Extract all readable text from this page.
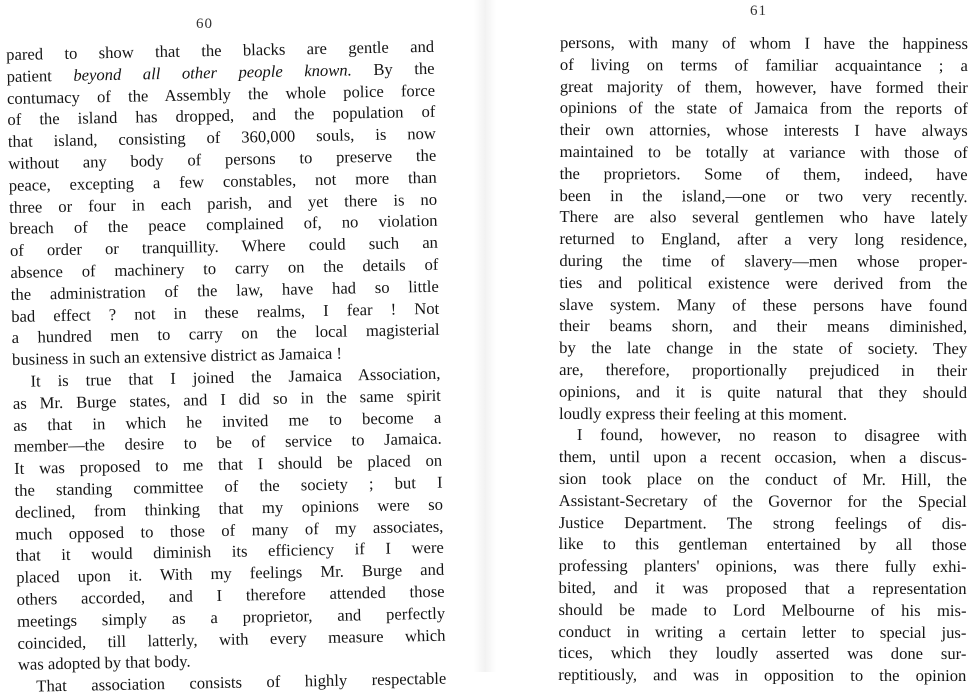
60
pared to show that the blacks are gentle and
patient beyond all other people known. By the
contumacy of the Assembly the whole police force
of the island has dropped, and the population of
that island, consisting of 360,000 souls, is now
without any body of persons to preserve the
peace, excepting a few constables, not more than
three or four in each parish, and yet there is no
breach of the peace complained of, no violation
of order or tranquillity. Where could such an
absence of machinery to carry on the details of
the administration of the law, have had so little
bad effect ? not in these realms, I fear ! Not
a hundred men to carry on the local magisterial
business in such an extensive district as Jamaica !
It is true that I joined the Jamaica Association,
as Mr. Burge states, and I did so in the same spirit
as that in which he invited me to become a
member—the desire to be of service to Jamaica.
It was proposed to me that I should be placed on
the standing committee of the society ; but I
declined, from thinking that my opinions were so
much opposed to those of many of my associates,
that it would diminish its efficiency if I were
placed upon it. With my feelings Mr. Burge and
others accorded, and I therefore attended those
meetings simply as a proprietor, and perfectly
coincided, till latterly, with every measure which
was adopted by that body.
That association consists of highly respectable
61
persons, with many of whom I have the happiness
of living on terms of familiar acquaintance ; a
great majority of them, however, have formed their
opinions of the state of Jamaica from the reports of
their own attornies, whose interests I have always
maintained to be totally at variance with those of
the proprietors. Some of them, indeed, have
been in the island,—one or two very recently.
There are also several gentlemen who have lately
returned to England, after a very long residence,
during the time of slavery—men whose proper-
ties and political existence were derived from the
slave system. Many of these persons have found
their beams shorn, and their means diminished,
by the late change in the state of society. They
are, therefore, proportionally prejudiced in their
opinions, and it is quite natural that they should
loudly express their feeling at this moment.
I found, however, no reason to disagree with
them, until upon a recent occasion, when a discus-
sion took place on the conduct of Mr. Hill, the
Assistant-Secretary of the Governor for the Special
Justice Department. The strong feelings of dis-
like to this gentleman entertained by all those
professing planters' opinions, was there fully exhi-
bited, and it was proposed that a representation
should be made to Lord Melbourne of his mis-
conduct in writing a certain letter to special jus-
tices, which they loudly asserted was done sur-
reptitiously, and was in opposition to the opinion
